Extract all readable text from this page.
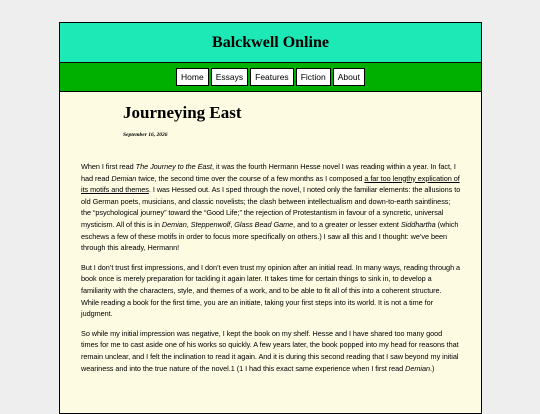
Balckwell Online
Home	Essays	Features	Fiction	About
Journeying East
September 16, 2026

When I first read The Journey to the East, it was the fourth Hermann Hesse novel I was reading within a year. In fact, I had read Demian twice, the second time over the course of a few months as I composed a far too lengthy explication of its motifs and themes. I was Hessed out. As I sped through the novel, I noted only the familiar elements: the allusions to old German poets, musicians, and classic novelists; the clash between intellectualism and down-to-earth saintliness; the “psychological journey” toward the “Good Life;” the rejection of Protestantism in favour of a syncretic, universal mysticism. All of this is in Demian, Steppenwolf, Glass Bead Game, and to a greater or lesser extent Siddhartha (which eschews a few of these motifs in order to focus more specifically on others.) I saw all this and I thought: we’ve been through this already, Hermann!

But I don’t trust first impressions, and I don’t even trust my opinion after an initial read. In many ways, reading through a book once is merely preparation for tackling it again later. It takes time for certain things to sink in, to develop a familiarity with the characters, style, and themes of a work, and to be able to fit all of this into a coherent structure. While reading a book for the first time, you are an initiate, taking your first steps into its world. It is not a time for judgment.

So while my initial impression was negative, I kept the book on my shelf. Hesse and I have shared too many good times for me to cast aside one of his works so quickly. A few years later, the book popped into my head for reasons that remain unclear, and I felt the inclination to read it again. And it is during this second reading that I saw beyond my initial weariness and into the true nature of the novel.1 (1 I had this exact same experience when I first read Demian.)
